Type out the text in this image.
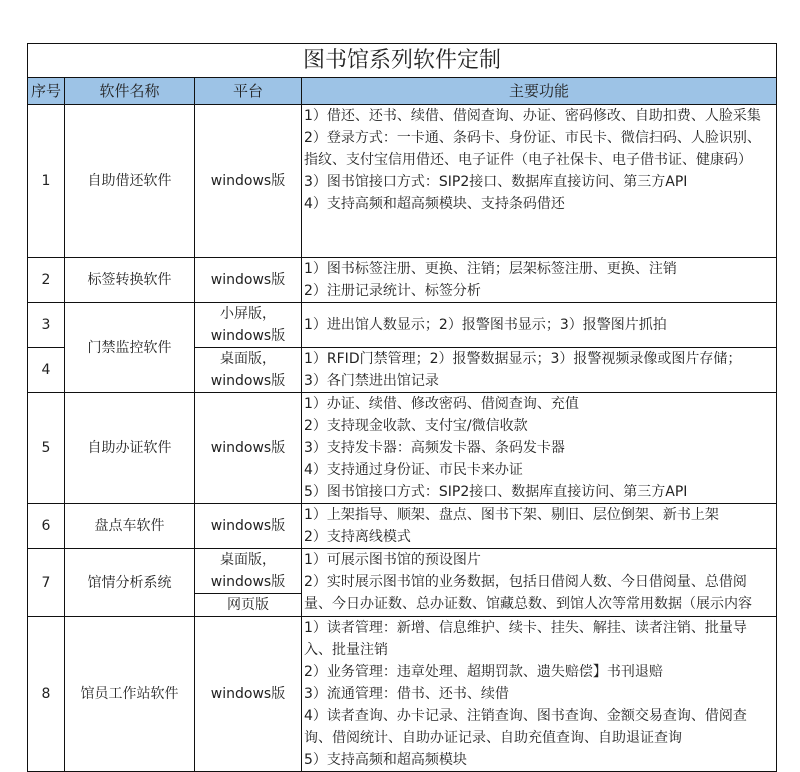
图书馆系列软件定制			
序号	软件名称	平台	主要功能
1	自助借还软件	windows版	1）借还、还书、续借、借阅查询、办证、密码修改、自助扣费、人脸采集
2）登录方式：一卡通、条码卡、身份证、市民卡、微信扫码、人脸识别、指纹、支付宝信用借还、电子证件（电子社保卡、电子借书证、健康码）
3）图书馆接口方式：SIP2接口、数据库直接访问、第三方API
4）支持高频和超高频模块、支持条码借还

2	标签转换软件	windows版	1）图书标签注册、更换、注销；层架标签注册、更换、注销
2）注册记录统计、标签分析

3	门禁监控软件	小屏版，windows版	1）进出馆人数显示；2）报警图书显示；3）报警图片抓拍

4		桌面版，windows版	1）RFID门禁管理；2）报警数据显示；3）报警视频录像或图片存储；
3）各门禁进出馆记录

5	自助办证软件	windows版	1）办证、续借、修改密码、借阅查询、充值
2）支持现金收款、支付宝/微信收款
3）支持发卡器：高频发卡器、条码发卡器
4）支持通过身份证、市民卡来办证
5）图书馆接口方式：SIP2接口、数据库直接访问、第三方API

6	盘点车软件	windows版	1）上架指导、顺架、盘点、图书下架、剔旧、层位倒架、新书上架
2）支持离线模式

7	馆情分析系统	桌面版，windows版	1）可展示图书馆的预设图片
2）实时展示图书馆的业务数据，包括日借阅人数、今日借阅量、总借阅量、今日办证数、总办证数、馆藏总数、到馆人次等常用数据（展示内容

		网页版	
8	馆员工作站软件	windows版	1）读者管理：新增、信息维护、续卡、挂失、解挂、读者注销、批量导入、批量注销
2）业务管理：违章处理、超期罚款、遗失赔偿】书刊退赔
3）流通管理：借书、还书、续借
4）读者查询、办卡记录、注销查询、图书查询、金额交易查询、借阅查询、借阅统计、自助办证记录、自助充值查询、自助退证查询
5）支持高频和超高频模块
